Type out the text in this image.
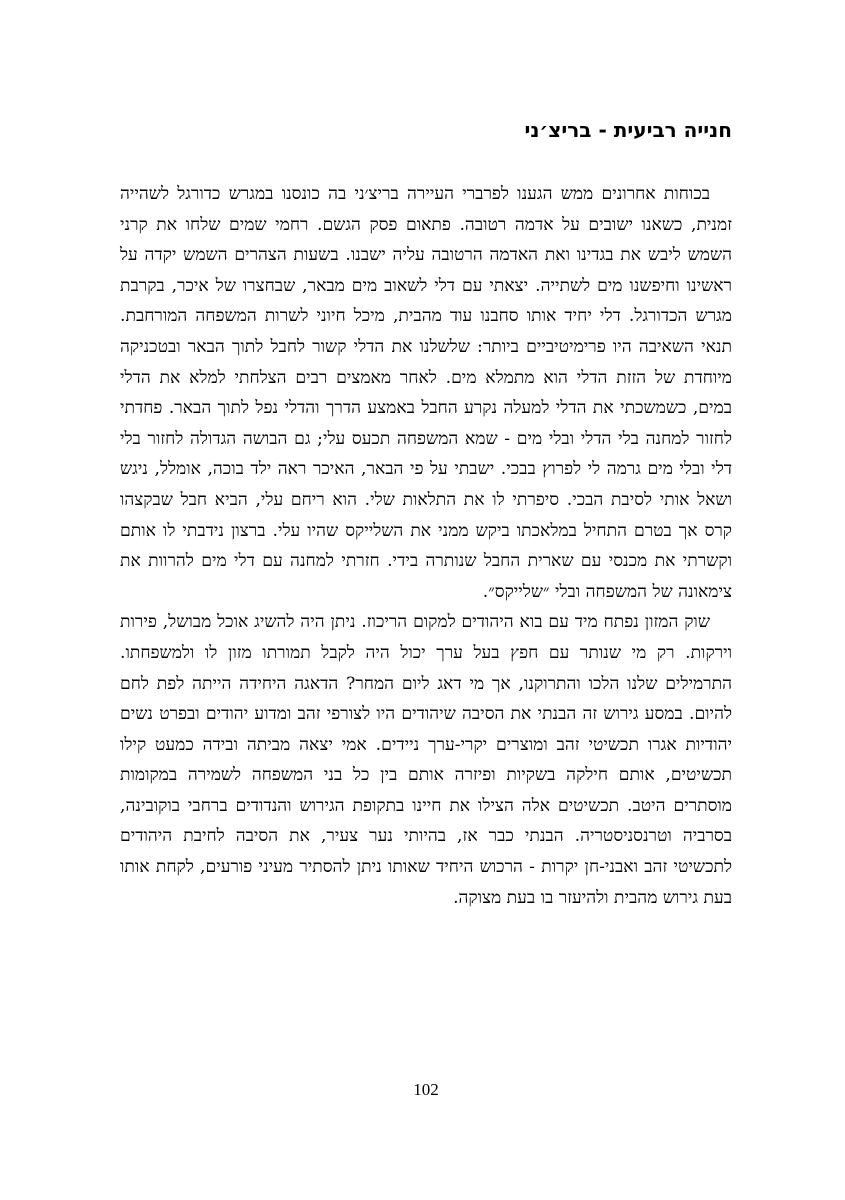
חנייה רביעית - בריצ׳ני

בכוחות אחרונים ממש הגענו לפרברי העיירה בריצ׳ני בה כונסנו במגרש כדורגל לשהייה זמנית, כשאנו ישובים על אדמה רטובה. פתאום פסק הגשם. רחמי שמים שלחו את קרני השמש ליבש את בגדינו ואת האדמה הרטובה עליה ישבנו. בשעות הצהרים השמש יקדה על ראשינו וחיפשנו מים לשתייה. יצאתי עם דלי לשאוב מים מבאר, שבחצרו של איכר, בקרבת מגרש הכדורגל. דלי יחיד אותו סחבנו עוד מהבית, מיכל חיוני לשרות המשפחה המורחבת. תנאי השאיבה היו פרימיטיביים ביותר: שלשלנו את הדלי קשור לחבל לתוך הבאר ובטכניקה מיוחדת של הזזת הדלי הוא מתמלא מים. לאחר מאמצים רבים הצלחתי למלא את הדלי במים, כשמשכתי את הדלי למעלה נקרע החבל באמצע הדרך והדלי נפל לתוך הבאר. פחדתי לחזור למחנה בלי הדלי ובלי מים - שמא המשפחה תכעס עלי; גם הבושה הגדולה לחזור בלי דלי ובלי מים גרמה לי לפרוץ בבכי. ישבתי על פי הבאר, האיכר ראה ילד בוכה, אומלל, ניגש ושאל אותי לסיבת הבכי. סיפרתי לו את התלאות שלי. הוא ריחם עלי, הביא חבל שבקצהו קרס אך בטרם התחיל במלאכתו ביקש ממני את השלייקס שהיו עלי. ברצון נידבתי לו אותם וקשרתי את מכנסי עם שארית החבל שנותרה בידי. חזרתי למחנה עם דלי מים להרוות את צימאונה של המשפחה ובלי ״שלייקס״.

שוק המזון נפתח מיד עם בוא היהודים למקום הריכוז. ניתן היה להשיג אוכל מבושל, פירות וירקות. רק מי שנותר עם חפץ בעל ערך יכול היה לקבל תמורתו מזון לו ולמשפחתו. התרמילים שלנו הלכו והתרוקנו, אך מי דאג ליום המחר? הדאגה היחידה הייתה לפת לחם להיום. במסע גירוש זה הבנתי את הסיבה שיהודים היו לצורפי זהב ומדוע יהודים ובפרט נשים יהודיות אגרו תכשיטי זהב ומוצרים יקרי-ערך ניידים. אמי יצאה מביתה ובידה כמעט קילו תכשיטים, אותם חילקה בשקיות ופיזרה אותם בין כל בני המשפחה לשמירה במקומות מוסתרים היטב. תכשיטים אלה הצילו את חיינו בתקופת הגירוש והנדודים ברחבי בוקובינה, בסרביה וטרנסניסטריה. הבנתי כבר אז, בהיותי נער צעיר, את הסיבה לחיבת היהודים לתכשיטי זהב ואבני-חן יקרות - הרכוש היחיד שאותו ניתן להסתיר מעיני פורעים, לקחת אותו בעת גירוש מהבית ולהיעזר בו בעת מצוקה.

102
